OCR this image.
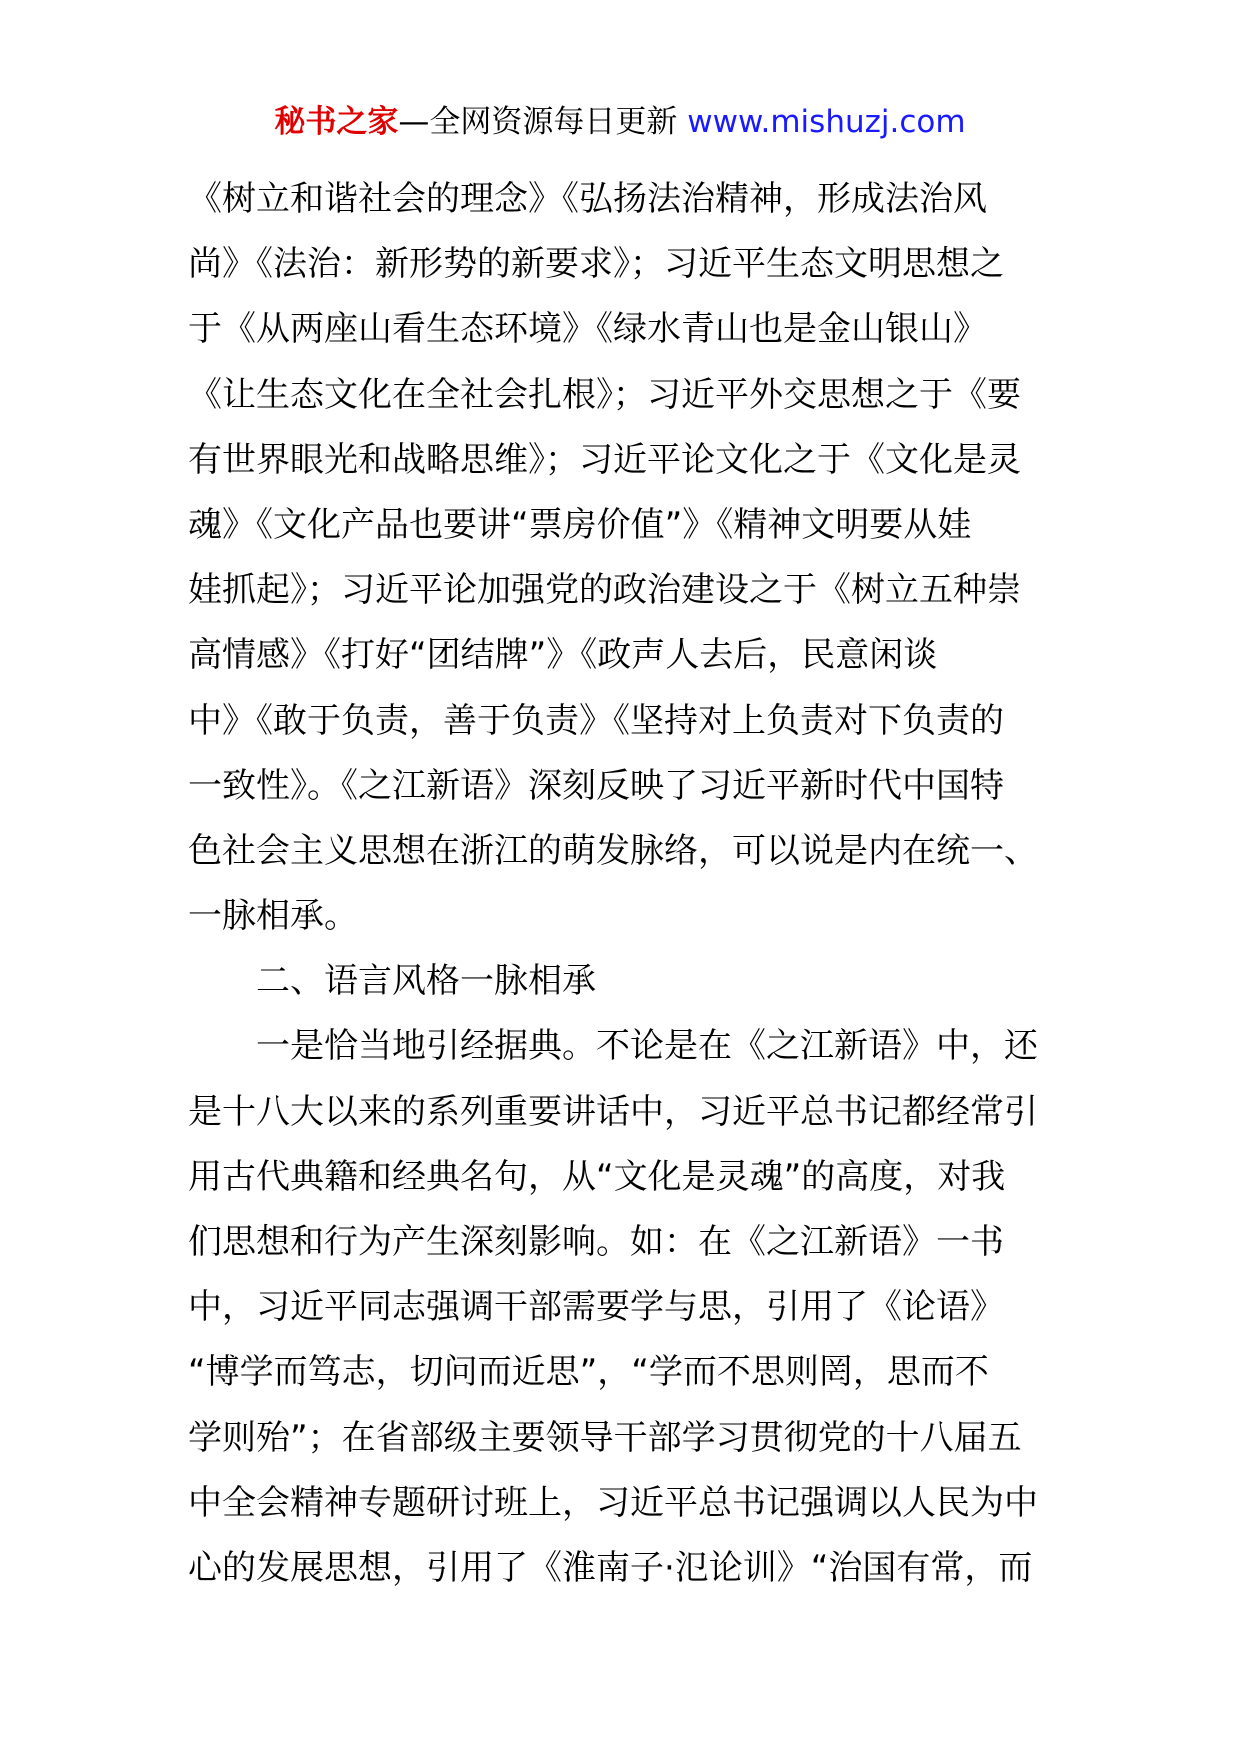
秘书之家—全网资源每日更新 www.mishuzj.com
《树立和谐社会的理念》《弘扬法治精神，形成法治风
尚》《法治：新形势的新要求》；习近平生态文明思想之
于《从两座山看生态环境》《绿水青山也是金山银山》
《让生态文化在全社会扎根》；习近平外交思想之于《要
有世界眼光和战略思维》；习近平论文化之于《文化是灵
魂》《文化产品也要讲“票房价值”》《精神文明要从娃
娃抓起》；习近平论加强党的政治建设之于《树立五种崇
高情感》《打好“团结牌”》《政声人去后，民意闲谈
中》《敢于负责，善于负责》《坚持对上负责对下负责的
一致性》。《之江新语》深刻反映了习近平新时代中国特
色社会主义思想在浙江的萌发脉络，可以说是内在统一、
一脉相承。
二、语言风格一脉相承
一是恰当地引经据典。不论是在《之江新语》中，还
是十八大以来的系列重要讲话中，习近平总书记都经常引
用古代典籍和经典名句，从“文化是灵魂”的高度，对我
们思想和行为产生深刻影响。如：在《之江新语》一书
中，习近平同志强调干部需要学与思，引用了《论语》
“博学而笃志，切问而近思”，“学而不思则罔，思而不
学则殆”；在省部级主要领导干部学习贯彻党的十八届五
中全会精神专题研讨班上，习近平总书记强调以人民为中
心的发展思想，引用了《淮南子·氾论训》“治国有常，而
